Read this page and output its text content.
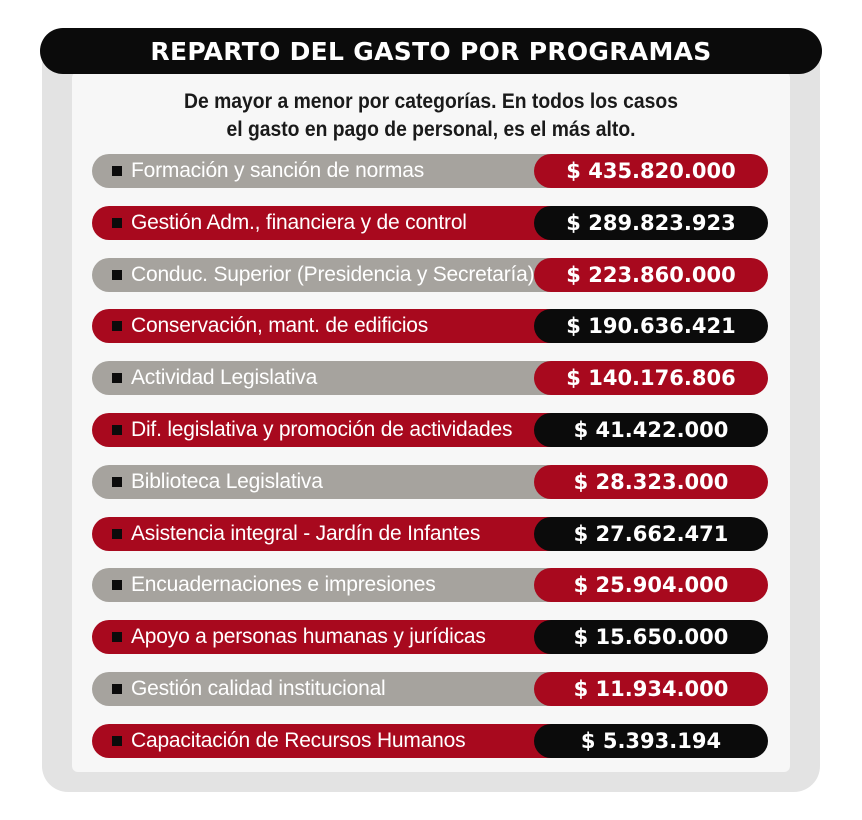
REPARTO DEL GASTO POR PROGRAMAS
De mayor a menor por categorías. En todos los casos
el gasto en pago de personal, es el más alto.
Formación y sanción de normas	$ 435.820.000
Gestión Adm., financiera y de control	$ 289.823.923
Conduc. Superior (Presidencia y Secretaría) $ 223.860.000
Conservación, mant. de edificios	$ 190.636.421
Actividad Legislativa	$ 140.176.806
Dif. legislativa y promoción de actividades	$ 41.422.000
Biblioteca Legislativa	$ 28.323.000
Asistencia integral - Jardín de Infantes	$ 27.662.471
Encuadernaciones e impresiones	$ 25.904.000
Apoyo a personas humanas y jurídicas	$ 15.650.000
Gestión calidad institucional	$ 11.934.000
Capacitación de Recursos Humanos	$ 5.393.194
